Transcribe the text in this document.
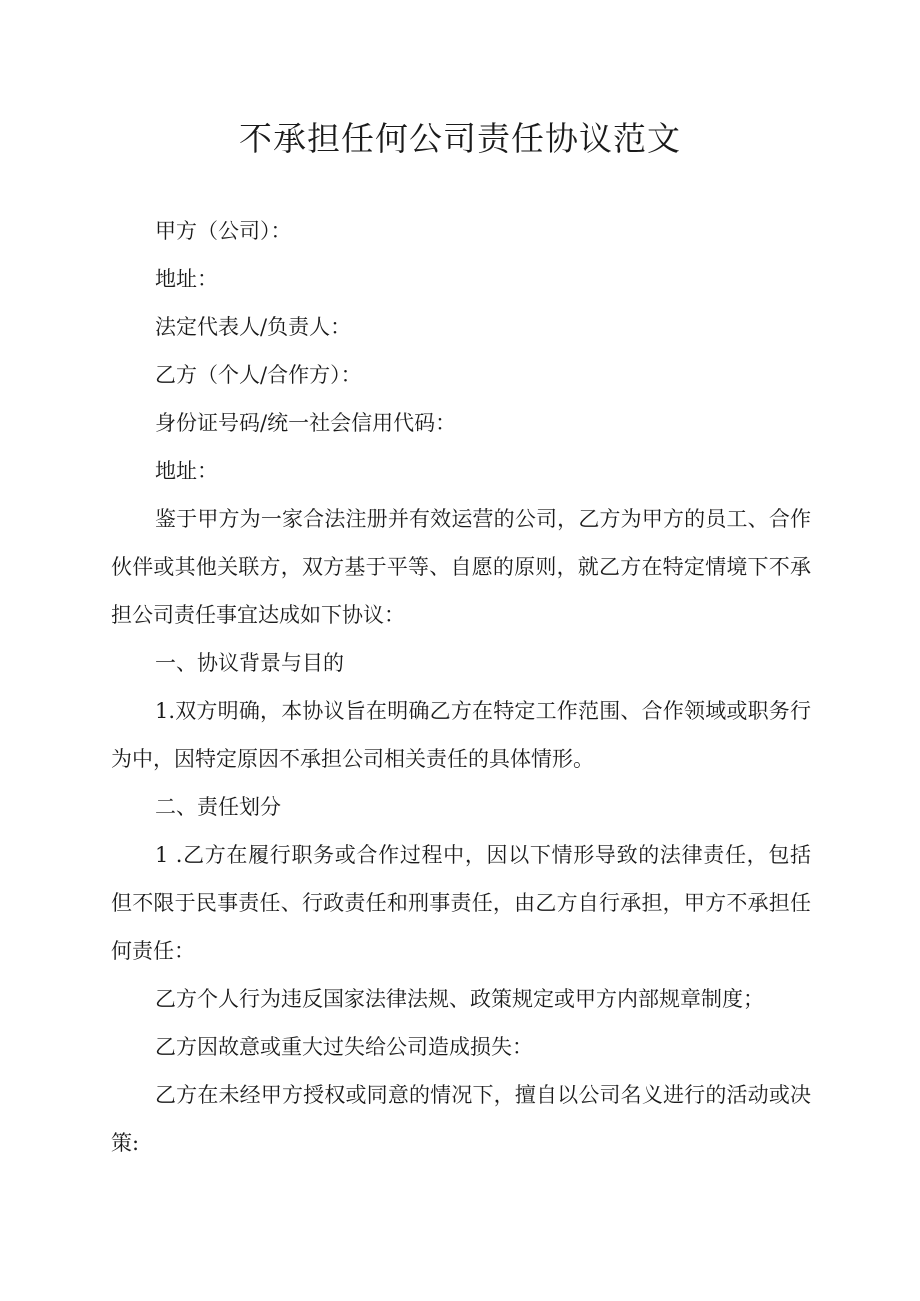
不承担任何公司责任协议范文

甲方（公司）：

地址：

法定代表人/负责人：

乙方（个人/合作方）：

身份证号码/统一社会信用代码：

地址：

鉴于甲方为一家合法注册并有效运营的公司，乙方为甲方的员工、合作伙伴或其他关联方，双方基于平等、自愿的原则，就乙方在特定情境下不承担公司责任事宜达成如下协议：

一、协议背景与目的

1.双方明确，本协议旨在明确乙方在特定工作范围、合作领域或职务行为中，因特定原因不承担公司相关责任的具体情形。

二、责任划分

1 .乙方在履行职务或合作过程中，因以下情形导致的法律责任，包括但不限于民事责任、行政责任和刑事责任，由乙方自行承担，甲方不承担任何责任：

乙方个人行为违反国家法律法规、政策规定或甲方内部规章制度；

乙方因故意或重大过失给公司造成损失：

乙方在未经甲方授权或同意的情况下，擅自以公司名义进行的活动或决策:
